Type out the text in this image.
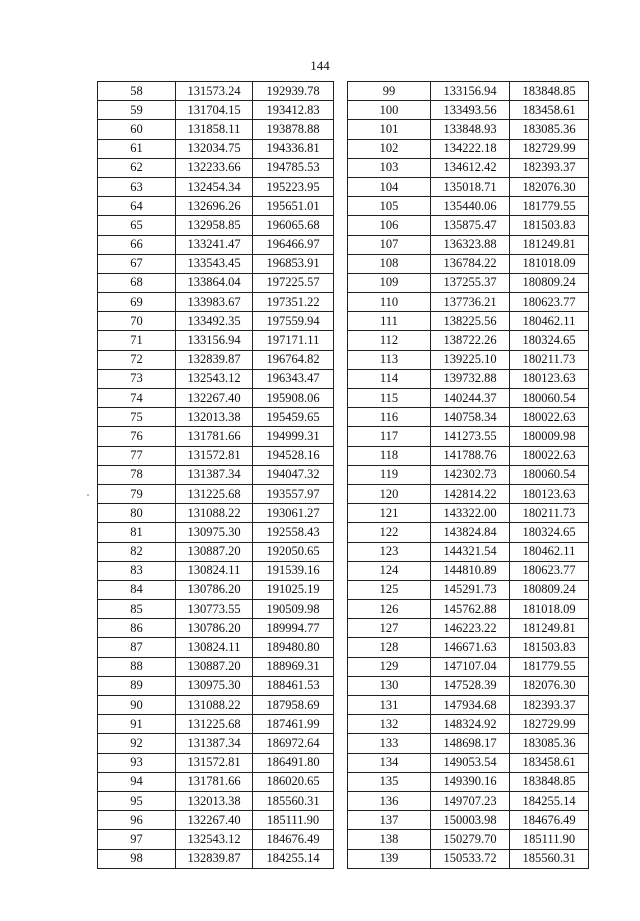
144
58	131573.24	192939.78
59	131704.15	193412.83
60	131858.11	193878.88
61	132034.75	194336.81
62	132233.66	194785.53
63	132454.34	195223.95
64	132696.26	195651.01
65	132958.85	196065.68
66	133241.47	196466.97
67	133543.45	196853.91
68	133864.04	197225.57
69	133983.67	197351.22
70	133492.35	197559.94
71	133156.94	197171.11
72	132839.87	196764.82
73	132543.12	196343.47
74	132267.40	195908.06
75	132013.38	195459.65
76	131781.66	194999.31
77	131572.81	194528.16
78	131387.34	194047.32
79	131225.68	193557.97
80	131088.22	193061.27
81	130975.30	192558.43
82	130887.20	192050.65
83	130824.11	191539.16
84	130786.20	191025.19
85	130773.55	190509.98
86	130786.20	189994.77
87	130824.11	189480.80
88	130887.20	188969.31
89	130975.30	188461.53
90	131088.22	187958.69
91	131225.68	187461.99
92	131387.34	186972.64
93	131572.81	186491.80
94	131781.66	186020.65
95	132013.38	185560.31
96	132267.40	185111.90
97	132543.12	184676.49
98	132839.87	184255.14
99	133156.94	183848.85
100	133493.56	183458.61
101	133848.93	183085.36
102	134222.18	182729.99
103	134612.42	182393.37
104	135018.71	182076.30
105	135440.06	181779.55
106	135875.47	181503.83
107	136323.88	181249.81
108	136784.22	181018.09
109	137255.37	180809.24
110	137736.21	180623.77
111	138225.56	180462.11
112	138722.26	180324.65
113	139225.10	180211.73
114	139732.88	180123.63
115	140244.37	180060.54
116	140758.34	180022.63
117	141273.55	180009.98
118	141788.76	180022.63
119	142302.73	180060.54
120	142814.22	180123.63
121	143322.00	180211.73
122	143824.84	180324.65
123	144321.54	180462.11
124	144810.89	180623.77
125	145291.73	180809.24
126	145762.88	181018.09
127	146223.22	181249.81
128	146671.63	181503.83
129	147107.04	181779.55
130	147528.39	182076.30
131	147934.68	182393.37
132	148324.92	182729.99
133	148698.17	183085.36
134	149053.54	183458.61
135	149390.16	183848.85
136	149707.23	184255.14
137	150003.98	184676.49
138	150279.70	185111.90
139	150533.72	185560.31
